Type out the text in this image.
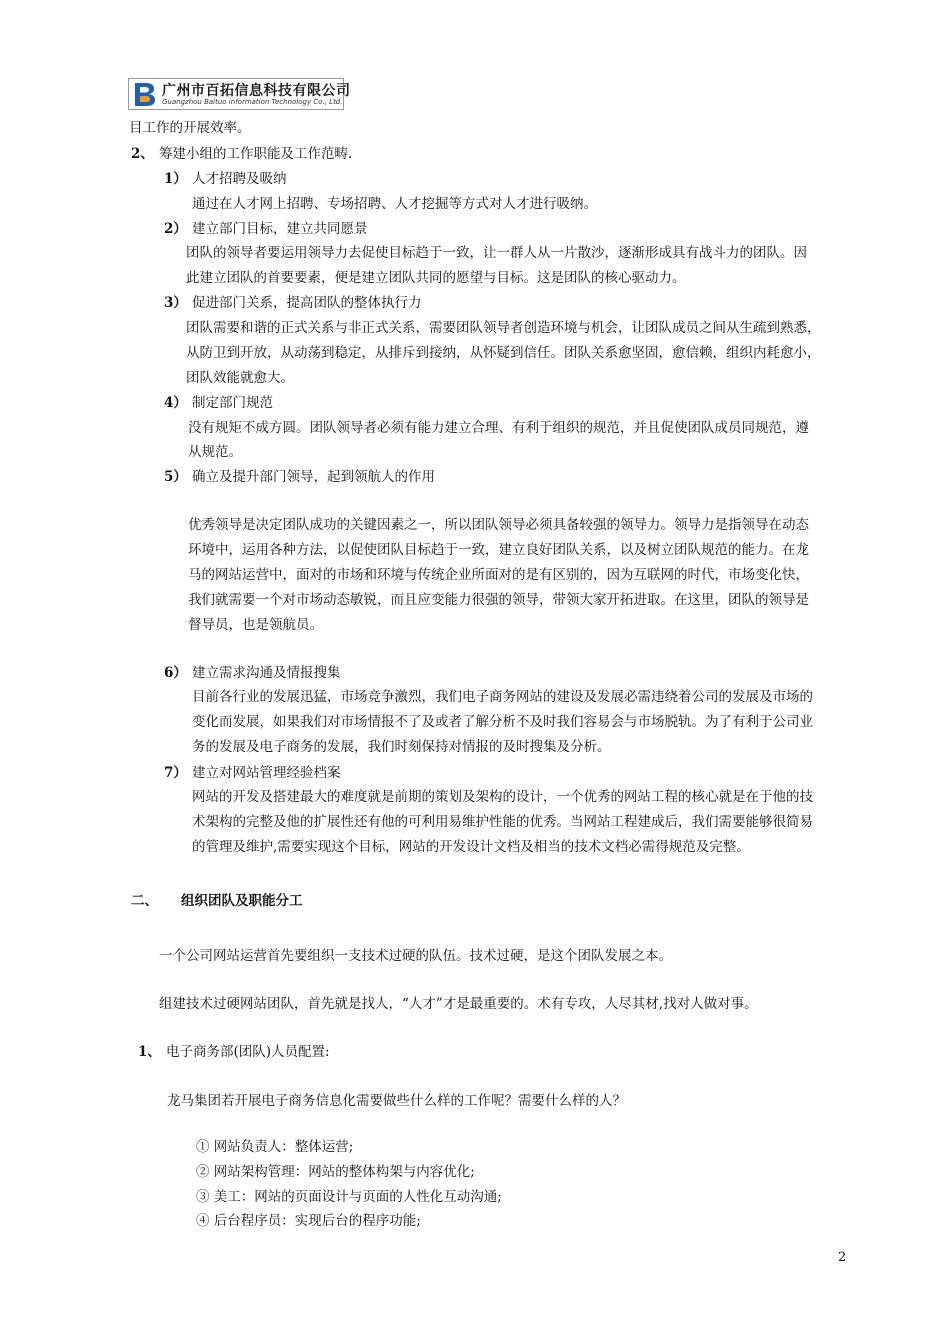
广州市百拓信息科技有限公司
Guangzhou Baituo information Technology Co., Ltd.
目工作的开展效率。
2、 筹建小组的工作职能及工作范畴.
1） 人才招聘及吸纳
通过在人才网上招聘、专场招聘、人才挖掘等方式对人才进行吸纳。
2） 建立部门目标，建立共同愿景
团队的领导者要运用领导力去促使目标趋于一致，让一群人从一片散沙，逐渐形成具有战斗力的团队。因
此建立团队的首要要素，便是建立团队共同的愿望与目标。这是团队的核心驱动力。
3） 促进部门关系，提高团队的整体执行力
团队需要和谐的正式关系与非正式关系，需要团队领导者创造环境与机会，让团队成员之间从生疏到熟悉，
从防卫到开放，从动荡到稳定，从排斥到接纳，从怀疑到信任。团队关系愈坚固，愈信赖，组织内耗愈小，
团队效能就愈大。
4） 制定部门规范
没有规矩不成方圆。团队领导者必须有能力建立合理、有利于组织的规范，并且促使团队成员同规范，遵
从规范。
5） 确立及提升部门领导，起到领航人的作用
优秀领导是决定团队成功的关键因素之一，所以团队领导必须具备较强的领导力。领导力是指领导在动态
环境中，运用各种方法，以促使团队目标趋于一致，建立良好团队关系，以及树立团队规范的能力。在龙
马的网站运营中，面对的市场和环境与传统企业所面对的是有区别的，因为互联网的时代，市场变化快，
我们就需要一个对市场动态敏锐，而且应变能力很强的领导，带领大家开拓进取。在这里，团队的领导是
督导员，也是领航员。
6） 建立需求沟通及情报搜集
目前各行业的发展迅猛，市场竞争激烈，我们电子商务网站的建设及发展必需违绕着公司的发展及市场的
变化而发展，如果我们对市场情报不了及或者了解分析不及时我们容易会与市场脱轨。为了有利于公司业
务的发展及电子商务的发展，我们时刻保持对情报的及时搜集及分析。
7） 建立对网站管理经验档案
网站的开发及搭建最大的难度就是前期的策划及架构的设计，一个优秀的网站工程的核心就是在于他的技
术架构的完整及他的扩展性还有他的可利用易维护性能的优秀。当网站工程建成后，我们需要能够很简易
的管理及维护,需要实现这个目标，网站的开发设计文档及相当的技术文档必需得规范及完整。
二、 组织团队及职能分工
一个公司网站运营首先要组织一支技术过硬的队伍。技术过硬，是这个团队发展之本。
组建技术过硬网站团队，首先就是找人，“人才”才是最重要的。术有专攻，人尽其材,找对人做对事。
1、 电子商务部(团队)人员配置:
龙马集团若开展电子商务信息化需要做些什么样的工作呢？需要什么样的人？
① 网站负责人：整体运营;
② 网站架构管理：网站的整体构架与内容优化;
③ 美工：网站的页面设计与页面的人性化互动沟通;
④ 后台程序员：实现后台的程序功能;
2
